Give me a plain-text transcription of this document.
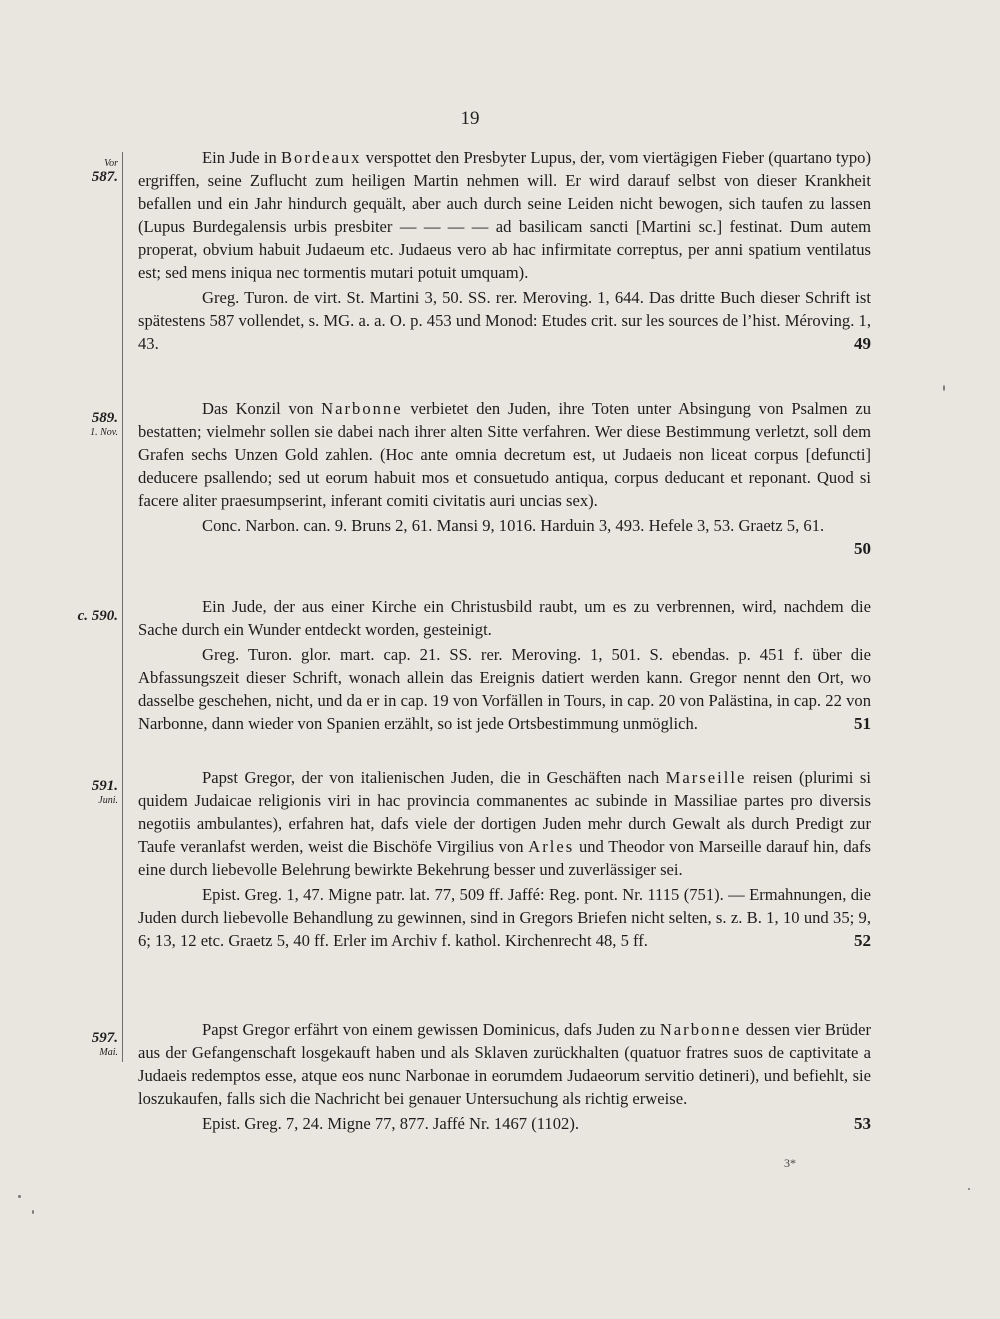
19
Vor
587.

Ein Jude in Bordeaux verspottet den Presbyter Lupus, der, vom viertägigen Fieber (quartano typo) ergriffen, seine Zuflucht zum heiligen Martin nehmen will. Er wird darauf selbst von dieser Krankheit befallen und ein Jahr hindurch gequält, aber auch durch seine Leiden nicht bewogen, sich taufen zu lassen (Lupus Burdegalensis urbis presbiter — — — — ad basilicam sancti [Martini sc.] festinat. Dum autem properat, obvium habuit Judaeum etc. Judaeus vero ab hac infirmitate correptus, per anni spatium ventilatus est; sed mens iniqua nec tormentis mutari potuit umquam).

Greg. Turon. de virt. St. Martini 3, 50. SS. rer. Meroving. 1, 644. Das dritte Buch dieser Schrift ist spätestens 587 vollendet, s. MG. a. a. O. p. 453 und Monod: Etudes crit. sur les sources de l’hist. Méroving. 1, 43.	49

589.
1. Nov.

Das Konzil von Narbonne verbietet den Juden, ihre Toten unter Absingung von Psalmen zu bestatten; vielmehr sollen sie dabei nach ihrer alten Sitte verfahren. Wer diese Bestimmung verletzt, soll dem Grafen sechs Unzen Gold zahlen. (Hoc ante omnia decretum est, ut Judaeis non liceat corpus [defuncti] deducere psallendo; sed ut eorum habuit mos et consuetudo antiqua, corpus deducant et reponant. Quod si facere aliter praesumpserint, inferant comiti civitatis auri uncias sex).

Conc. Narbon. can. 9. Bruns 2, 61. Mansi 9, 1016. Harduin 3, 493. Hefele 3, 53. Graetz 5, 61.
50

c. 590.	Ein Jude, der aus einer Kirche ein Christusbild raubt, um es zu verbrennen, wird, nachdem die Sache durch ein Wunder entdeckt worden, gesteinigt.

Greg. Turon. glor. mart. cap. 21. SS. rer. Meroving. 1, 501. S. ebendas. p. 451 f. über die Abfassungszeit dieser Schrift, wonach allein das Ereignis datiert werden kann. Gregor nennt den Ort, wo dasselbe geschehen, nicht, und da er in cap. 19 von Vorfällen in Tours, in cap. 20 von Palästina, in cap. 22 von Narbonne, dann wieder von Spanien erzählt, so ist jede Ortsbestimmung unmöglich.	51

591.
Juni.

Papst Gregor, der von italienischen Juden, die in Geschäften nach Marseille reisen (plurimi si quidem Judaicae religionis viri in hac provincia commanentes ac subinde in Massiliae partes pro diversis negotiis ambulantes), erfahren hat, dafs viele der dortigen Juden mehr durch Gewalt als durch Predigt zur Taufe veranlafst werden, weist die Bischöfe Virgilius von Arles und Theodor von Marseille darauf hin, dafs eine durch liebevolle Belehrung bewirkte Bekehrung besser und zuverlässiger sei.

Epist. Greg. 1, 47. Migne patr. lat. 77, 509 ff. Jaffé: Reg. pont. Nr. 1115 (751). — Ermahnungen, die Juden durch liebevolle Behandlung zu gewinnen, sind in Gregors Briefen nicht selten, s. z. B. 1, 10 und 35; 9, 6; 13, 12 etc. Graetz 5, 40 ff. Erler im Archiv f. kathol. Kirchenrecht 48, 5 ff.	52

597.
Mai.

Papst Gregor erfährt von einem gewissen Dominicus, dafs Juden zu Narbonne dessen vier Brüder aus der Gefangenschaft losgekauft haben und als Sklaven zurückhalten (quatuor fratres suos de captivitate a Judaeis redemptos esse, atque eos nunc Narbonae in eorumdem Judaeorum servitio detineri), und befiehlt, sie loszukaufen, falls sich die Nachricht bei genauer Untersuchung als richtig erweise.

Epist. Greg. 7, 24. Migne 77, 877. Jaffé Nr. 1467 (1102).	53

3*
